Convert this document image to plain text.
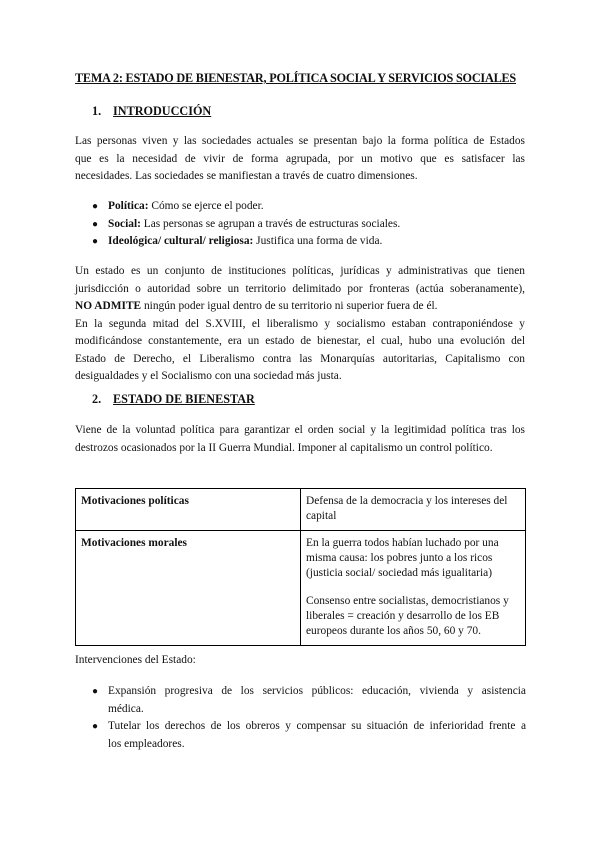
TEMA 2: ESTADO DE BIENESTAR, POLÍTICA SOCIAL Y SERVICIOS SOCIALES
1. INTRODUCCIÓN
Las personas viven y las sociedades actuales se presentan bajo la forma política de Estados
que es la necesidad de vivir de forma agrupada, por un motivo que es satisfacer las
necesidades. Las sociedades se manifiestan a través de cuatro dimensiones.
● Política: Cómo se ejerce el poder.
● Social: Las personas se agrupan a través de estructuras sociales.
● Ideológica/ cultural/ religiosa: Justifica una forma de vida.
Un estado es un conjunto de instituciones políticas, jurídicas y administrativas que tienen
jurisdicción o autoridad sobre un territorio delimitado por fronteras (actúa soberanamente),
NO ADMITE ningún poder igual dentro de su territorio ni superior fuera de él.
En la segunda mitad del S.XVIII, el liberalismo y socialismo estaban contraponiéndose y
modificándose constantemente, era un estado de bienestar, el cual, hubo una evolución del
Estado de Derecho, el Liberalismo contra las Monarquías autoritarias, Capitalismo con
desigualdades y el Socialismo con una sociedad más justa.
2. ESTADO DE BIENESTAR
Viene de la voluntad política para garantizar el orden social y la legitimidad política tras los
destrozos ocasionados por la II Guerra Mundial. Imponer al capitalismo un control político.
Motivaciones políticas	Defensa de la democracia y los intereses del capital
Motivaciones morales	En la guerra todos habían luchado por una misma causa: los pobres junto a los ricos (justicia social/ sociedad más igualitaria)
Consenso entre socialistas, democristianos y liberales = creación y desarrollo de los EB europeos durante los años 50, 60 y 70.
Intervenciones del Estado:
● Expansión progresiva de los servicios públicos: educación, vivienda y asistencia
médica.
● Tutelar los derechos de los obreros y compensar su situación de inferioridad frente a
los empleadores.
